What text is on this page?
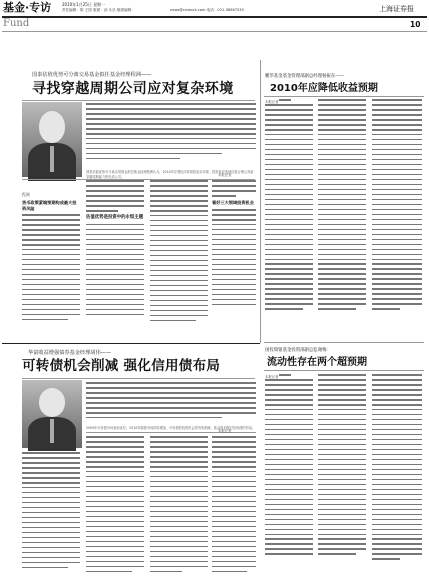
基金·专访	2010年1月25日 星期一
责任编辑：陈 王国 版面：邱 永乐 版面编辑：	news@cnstock.com 电话：021-38967535	上海证券报
Fund	10
国泰估值优势可分离交易基金拟任基金经理程洲——
寻找穿越周期公司应对复杂环境
程洲
货币政策紧缩预期构成最大投资风险
估值优势是投资中的永恒主题
看好三大领域投资机会
鹏华基金基金管理部副总经理杨振东——
2010年应降低收益预期
国投瑞银基金投资部副总监谢梅：
流动性存在两个超预期
华富收益增强债券基金经理胡伟——
可转债机会削减 强化信用债布局
国泰估值优势可分离交易基金拟任基金经理程洲认为，2010年宏观经济将面临复杂环境，投资者应选择估值合理且具备穿越周期能力的优质公司。
2009年可转债市场表现优异，2010年随着市场供给增加，可转债的投资机会将有所削减，基金将加强对信用债的布局。
本报记者
本报记者
本报记者
本报记者
